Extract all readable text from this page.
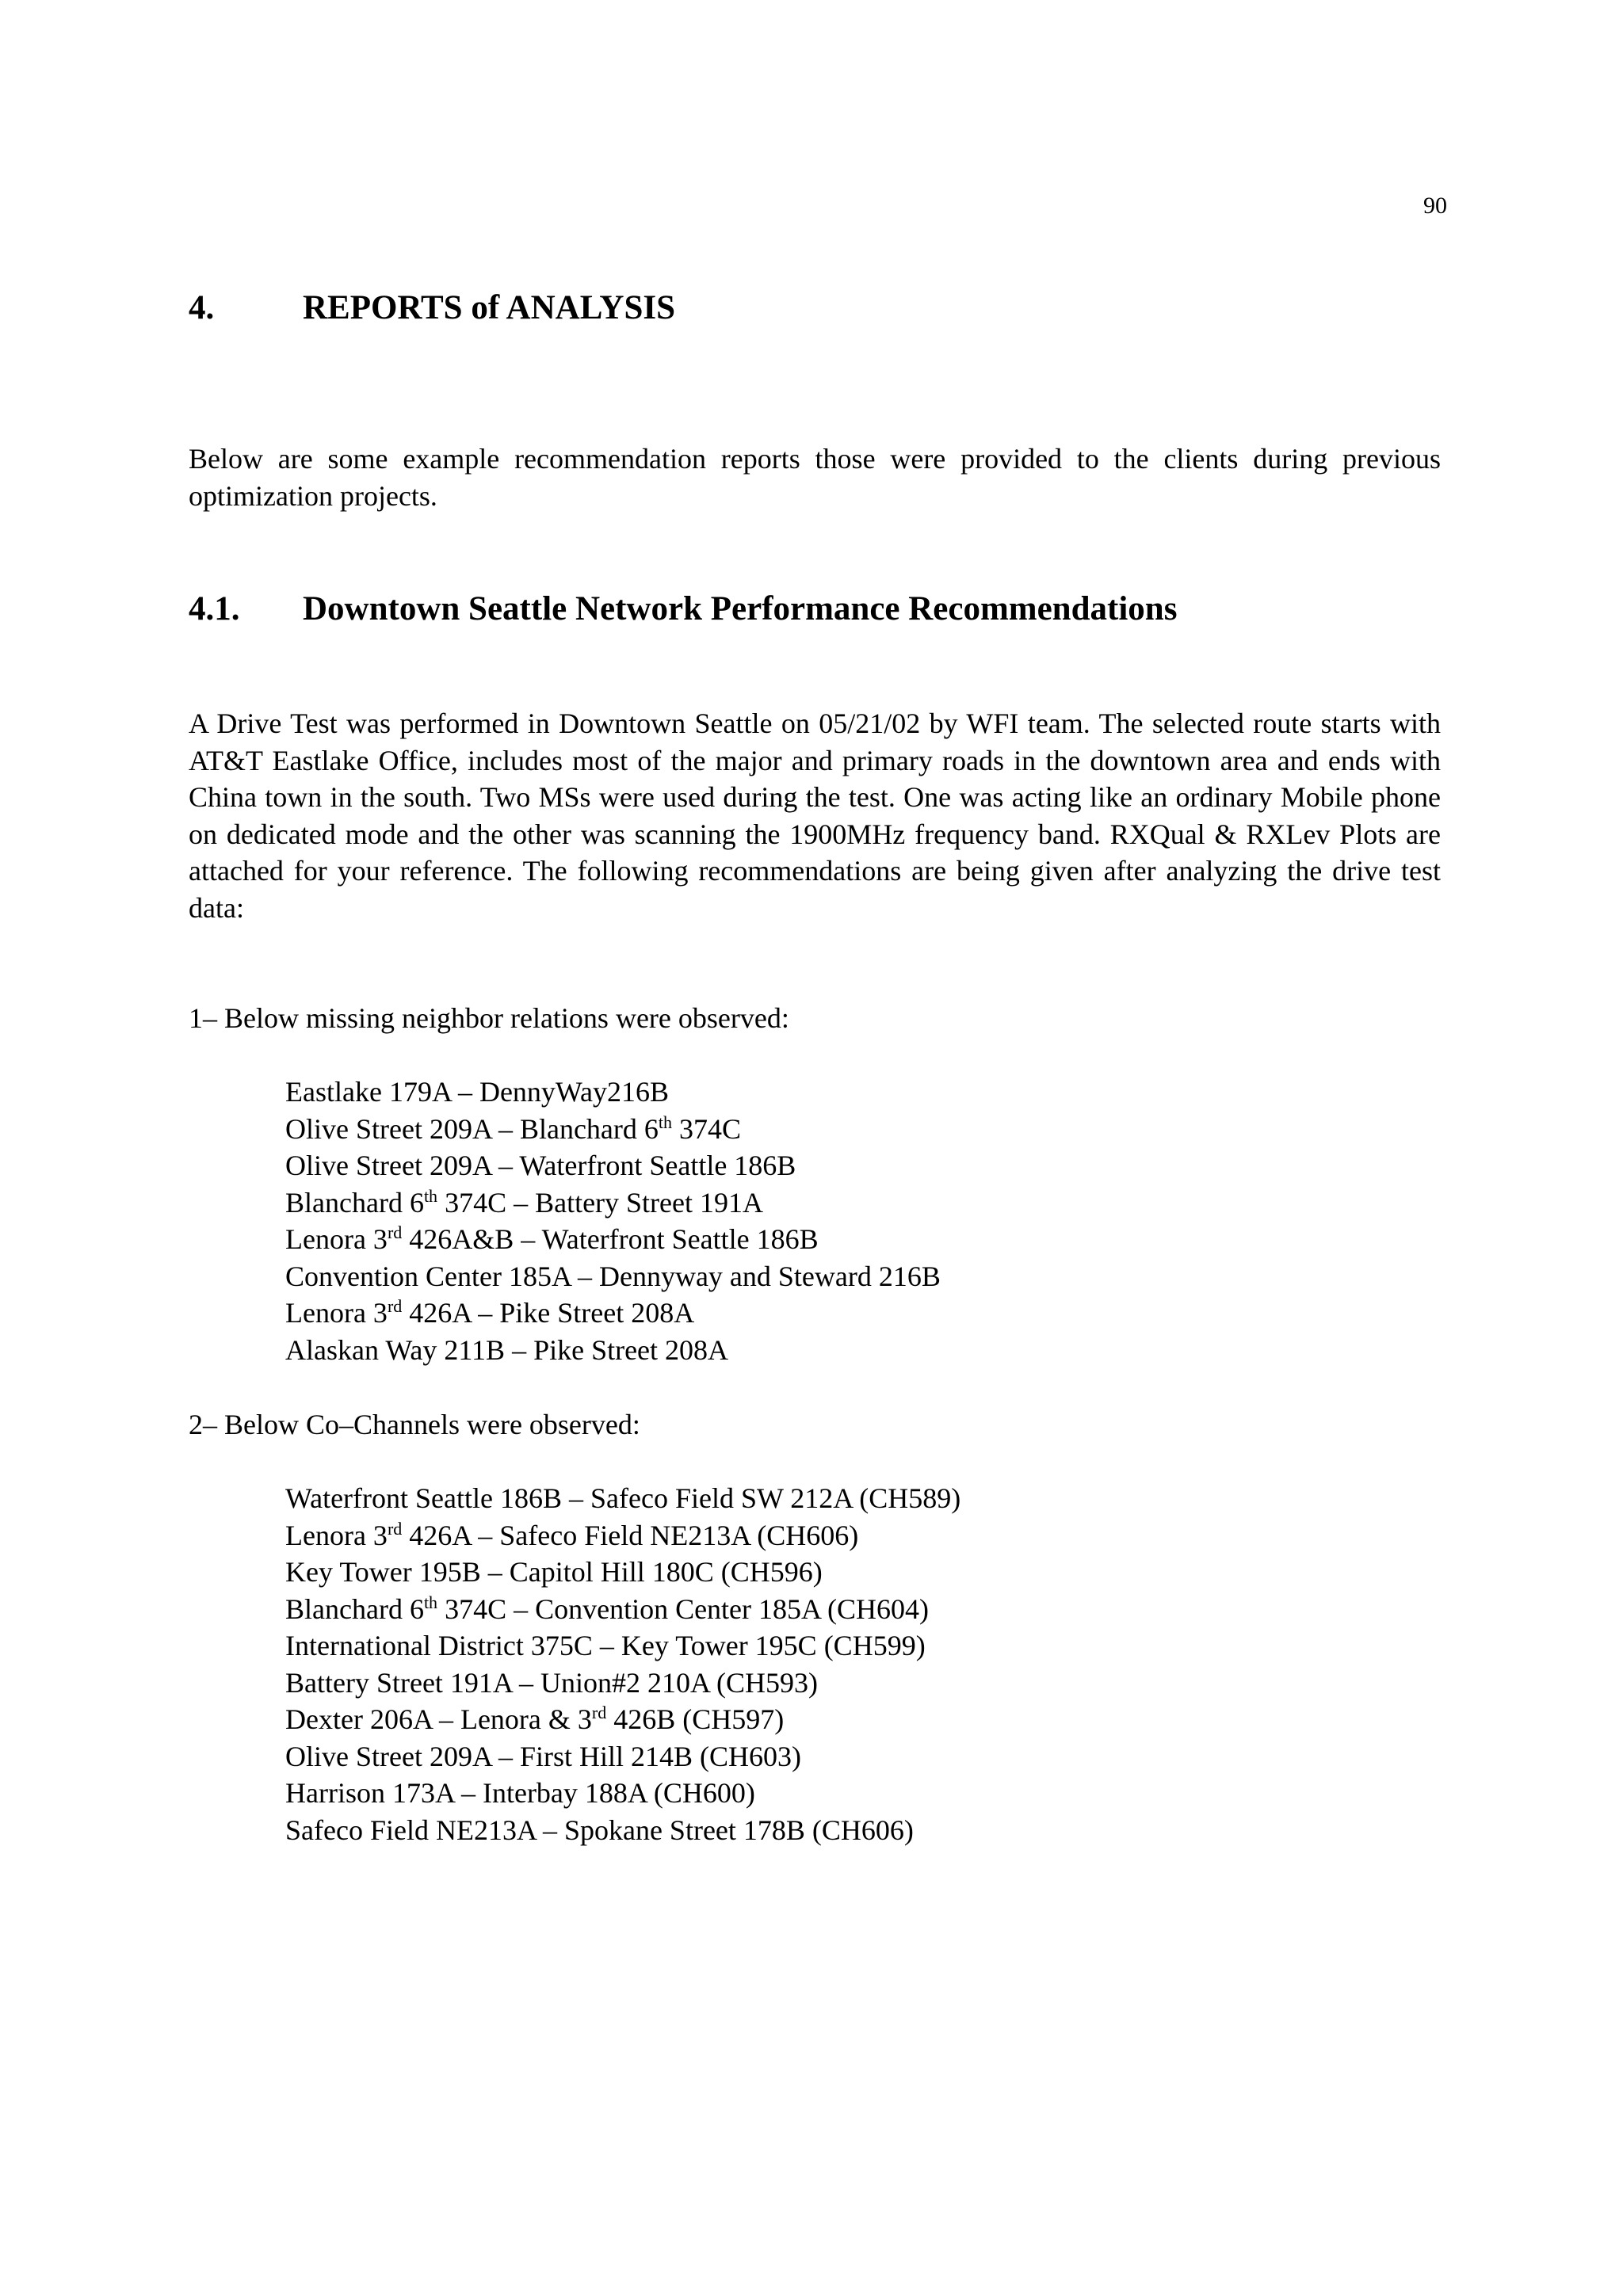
90
4.	REPORTS of ANALYSIS

Below are some example recommendation reports those were provided to the clients during previous optimization projects.

4.1. Downtown Seattle Network Performance Recommendations

A Drive Test was performed in Downtown Seattle on 05/21/02 by WFI team. The selected route starts with AT&T Eastlake Office, includes most of the major and primary roads in the downtown area and ends with China town in the south. Two MSs were used during the test. One was acting like an ordinary Mobile phone on dedicated mode and the other was scanning the 1900MHz frequency band. RXQual & RXLev Plots are attached for your reference. The following recommendations are being given after analyzing the drive test data:

1– Below missing neighbor relations were observed:

Eastlake 179A – DennyWay216B
Olive Street 209A – Blanchard 6th 374C
Olive Street 209A – Waterfront Seattle 186B
Blanchard 6th 374C – Battery Street 191A
Lenora 3rd 426A&B – Waterfront Seattle 186B
Convention Center 185A – Dennyway and Steward 216B
Lenora 3rd 426A – Pike Street 208A
Alaskan Way 211B – Pike Street 208A

2– Below Co–Channels were observed:

Waterfront Seattle 186B – Safeco Field SW 212A (CH589)
Lenora 3rd 426A – Safeco Field NE213A (CH606)
Key Tower 195B – Capitol Hill 180C (CH596)
Blanchard 6th 374C – Convention Center 185A (CH604)
International District 375C – Key Tower 195C (CH599)
Battery Street 191A – Union#2 210A (CH593)
Dexter 206A – Lenora & 3rd 426B (CH597)
Olive Street 209A – First Hill 214B (CH603)
Harrison 173A – Interbay 188A (CH600)
Safeco Field NE213A – Spokane Street 178B (CH606)
